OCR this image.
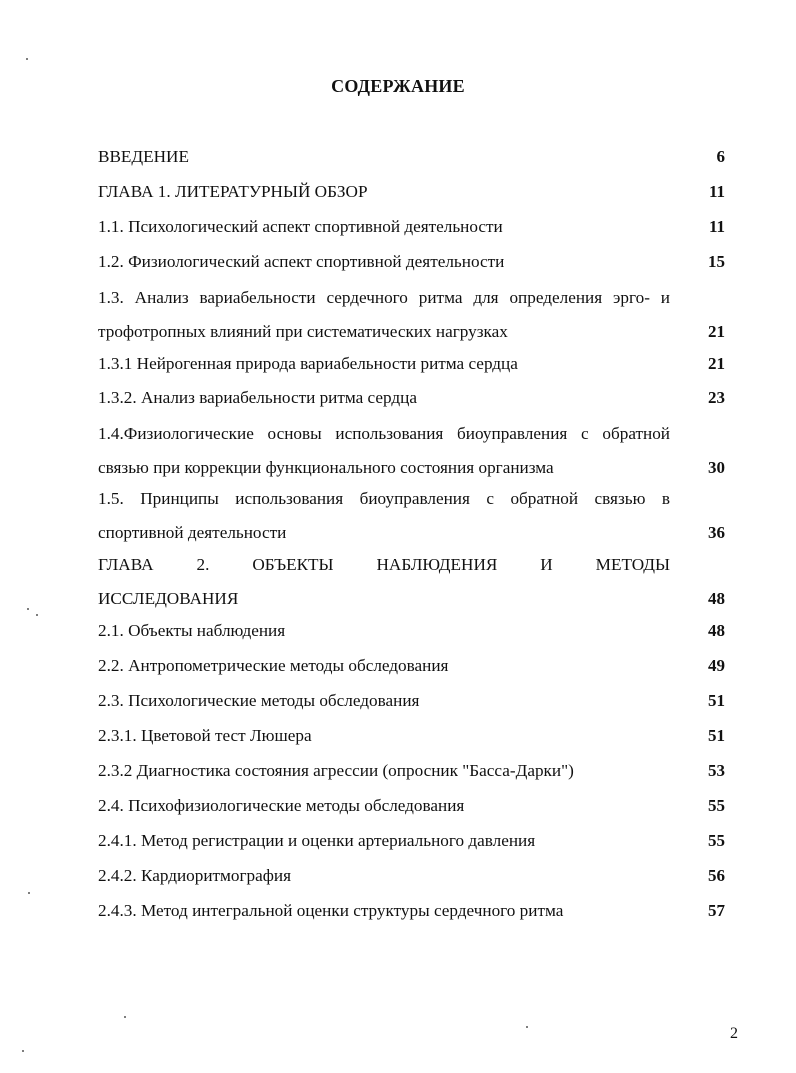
СОДЕРЖАНИЕ
ВВЕДЕНИЕ	6
ГЛАВА 1. ЛИТЕРАТУРНЫЙ ОБЗОР	11
1.1. Психологический аспект спортивной деятельности	11
1.2. Физиологический аспект спортивной деятельности	15
1.3. Анализ вариабельности сердечного ритма для определения эрго- и
трофотропных влияний при систематических нагрузках	21
1.3.1 Нейрогенная природа вариабельности ритма сердца	21
1.3.2. Анализ вариабельности ритма сердца	23
1.4.Физиологические основы использования биоуправления с обратной
связью при коррекции функционального состояния организма	30
1.5. Принципы использования биоуправления с обратной связью в
спортивной деятельности	36
ГЛАВА 2. ОБЪЕКТЫ НАБЛЮДЕНИЯ И МЕТОДЫ
ИССЛЕДОВАНИЯ	48
2.1. Объекты наблюдения	48
2.2. Антропометрические методы обследования	49
2.3. Психологические методы обследования	51
2.3.1. Цветовой тест Люшера	51
2.3.2 Диагностика состояния агрессии (опросник "Басса-Дарки")	53
2.4. Психофизиологические методы обследования	55
2.4.1. Метод регистрации и оценки артериального давления	55
2.4.2. Кардиоритмография	56
2.4.3. Метод интегральной оценки структуры сердечного ритма	57
2
